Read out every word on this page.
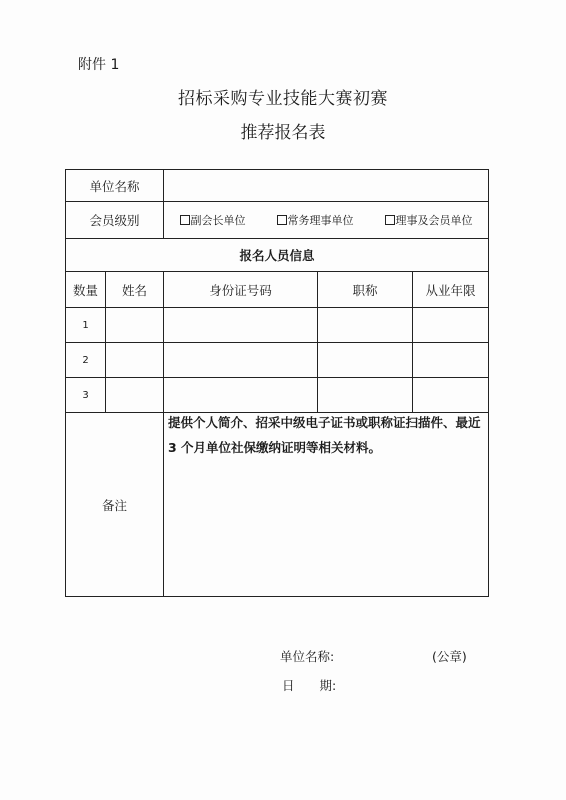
附件 1
招标采购专业技能大赛初赛
推荐报名表
单位名称				
会员级别		副会长单位 常务理事单位 理事及会员单位		

报名人员信息				
数量	姓名	身份证号码	职称	从业年限
1				
2				
3				
备注				
提供个人简介、招采中级电子证书或职称证扫描件、最近 3 个月单位社保缴纳证明等相关材料。
单位名称:	(公章)
日　　期:
